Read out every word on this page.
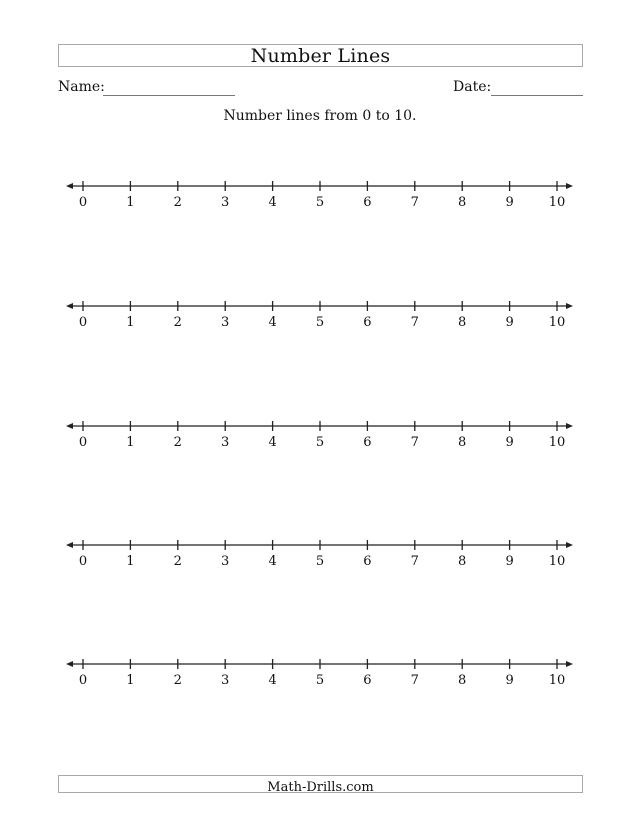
Number Lines
Name:	Date:
Number lines from 0 to 10.
0	1	2	3	4	5	6	7	8	9	10
0	1	2	3	4	5	6	7	8	9	10
0	1	2	3	4	5	6	7	8	9	10
0	1	2	3	4	5	6	7	8	9	10
0	1	2	3	4	5	6	7	8	9	10
Math-Drills.com
